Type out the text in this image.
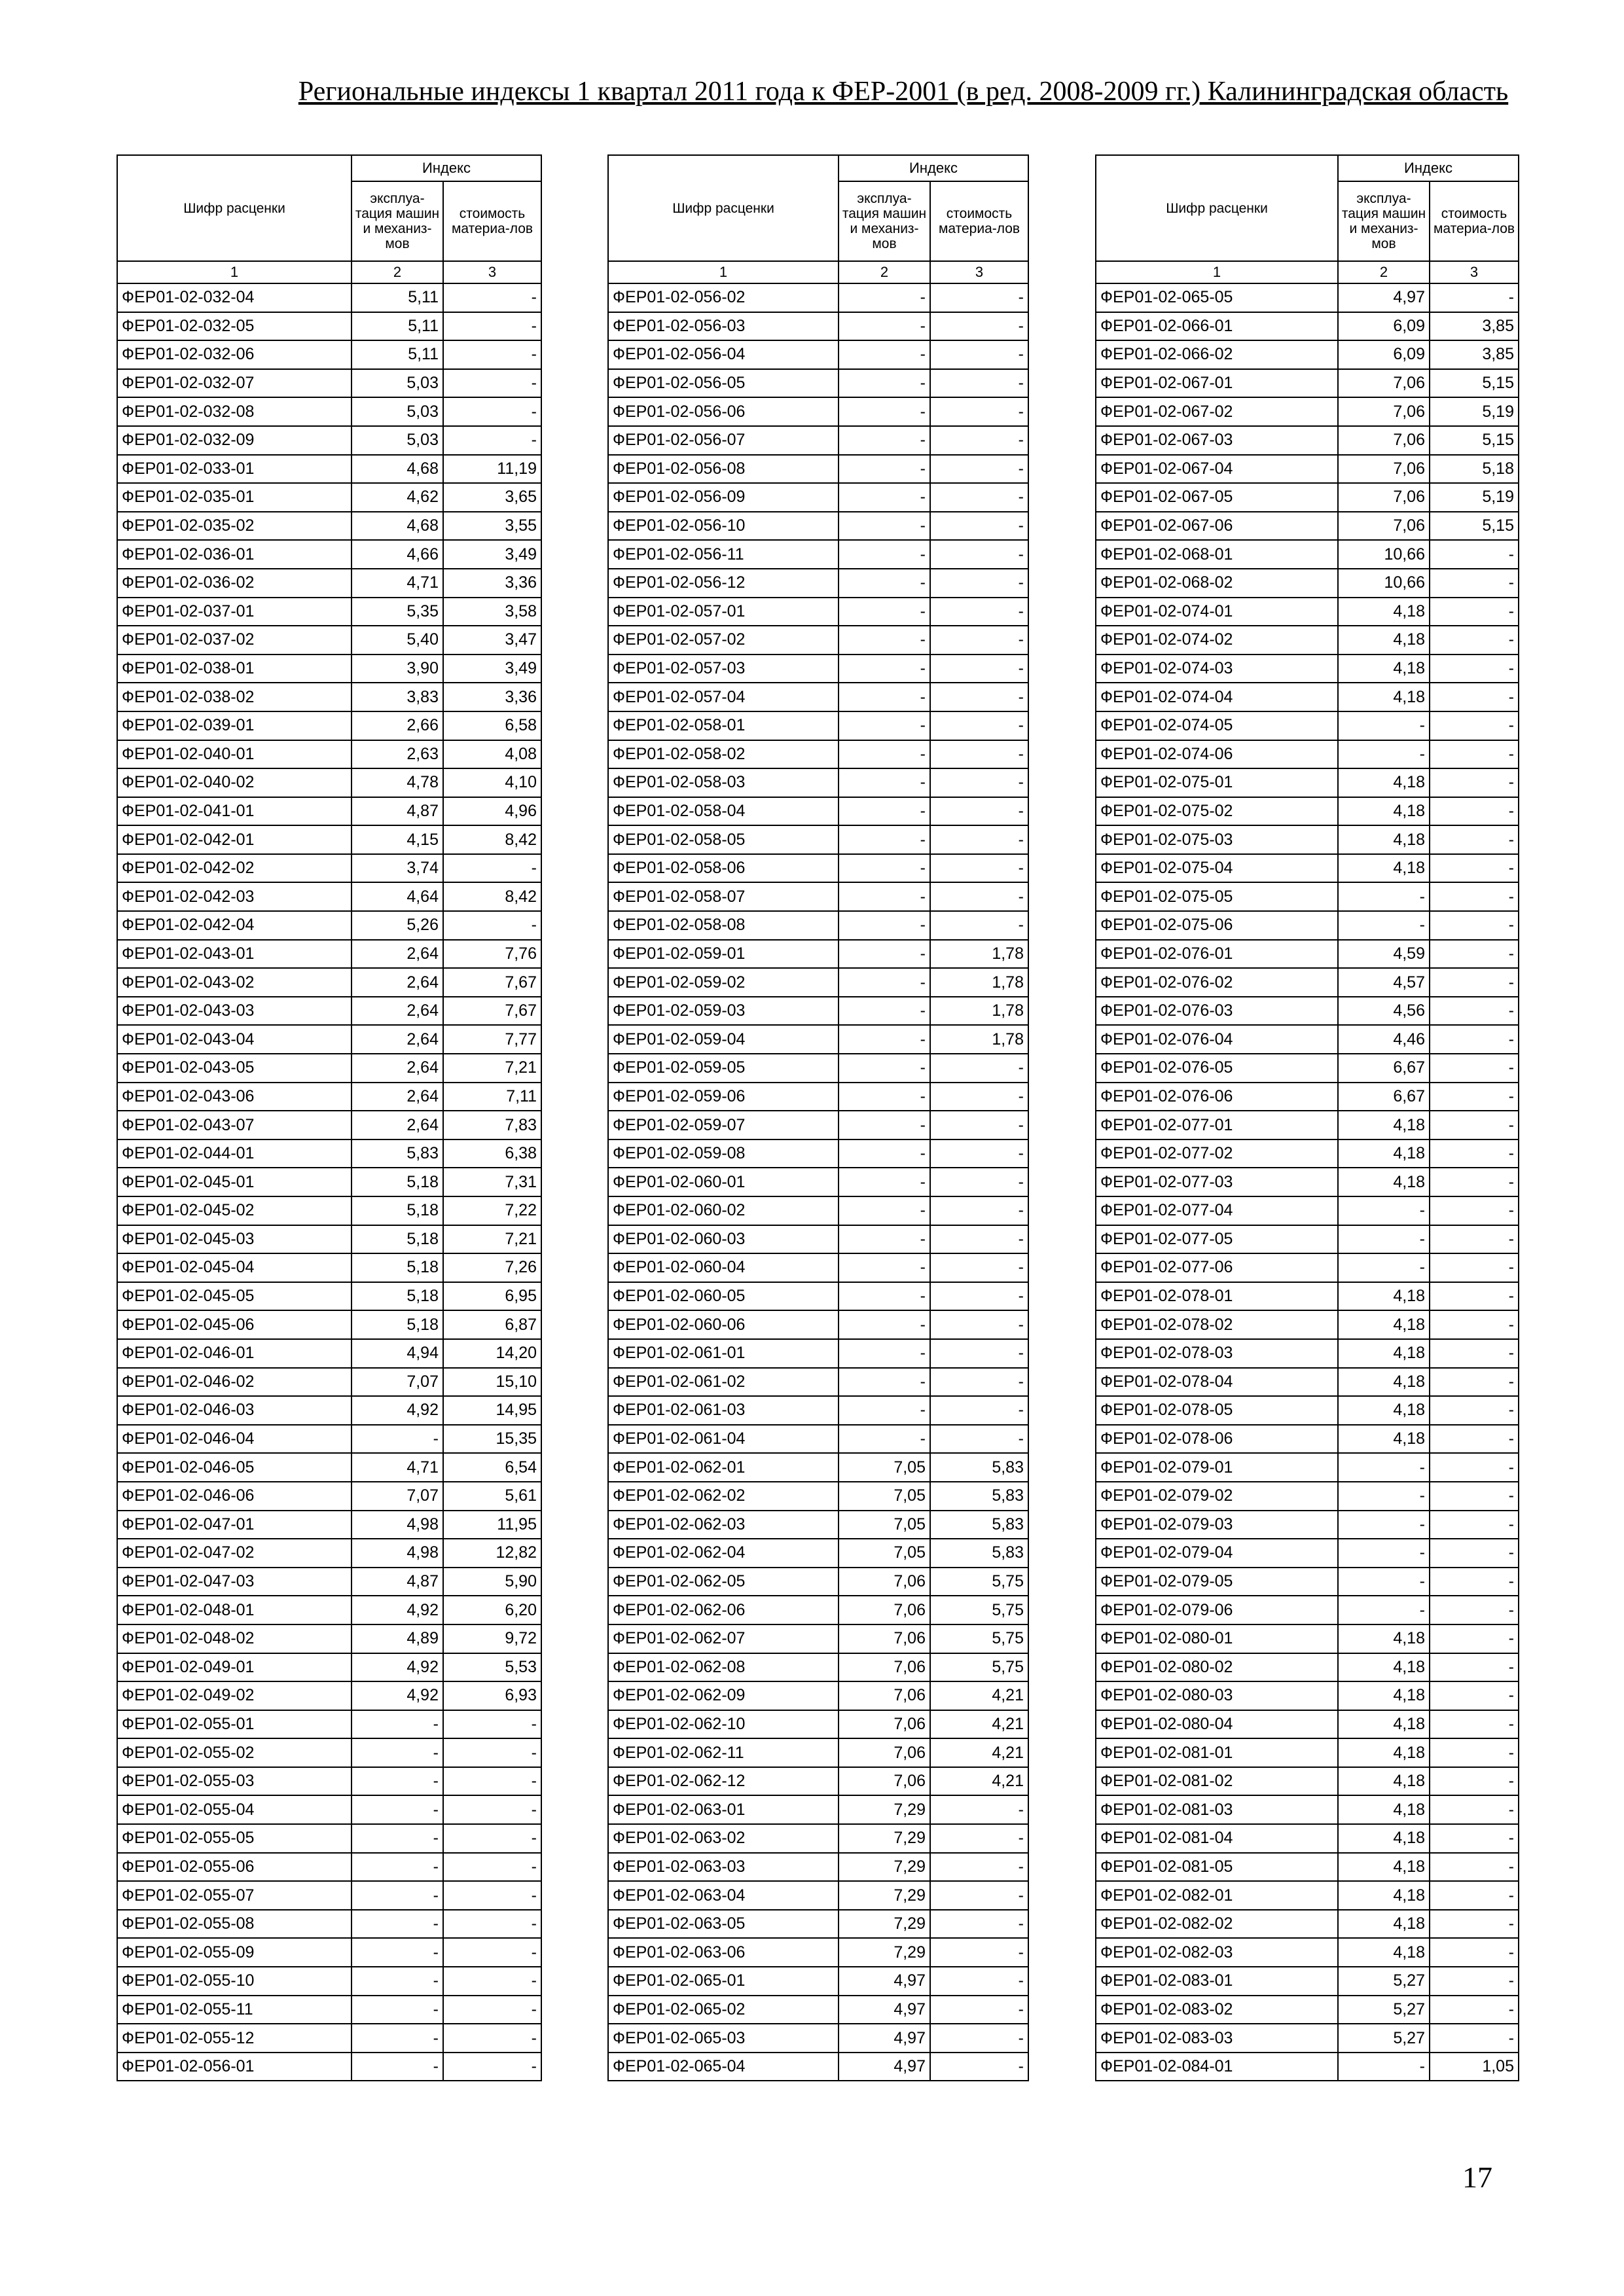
Региональные индексы 1 квартал 2011 года к ФЕР-2001 (в ред. 2008-2009 гг.) Калининградская область
Шифр расценки	Индекс	
	эксплуа-тация машин и механиз-мов	стоимость материа-лов
1	2	3
ФЕР01-02-032-04	5,11	-
ФЕР01-02-032-05	5,11	-
ФЕР01-02-032-06	5,11	-
ФЕР01-02-032-07	5,03	-
ФЕР01-02-032-08	5,03	-
ФЕР01-02-032-09	5,03	-
ФЕР01-02-033-01	4,68	11,19
ФЕР01-02-035-01	4,62	3,65
ФЕР01-02-035-02	4,68	3,55
ФЕР01-02-036-01	4,66	3,49
ФЕР01-02-036-02	4,71	3,36
ФЕР01-02-037-01	5,35	3,58
ФЕР01-02-037-02	5,40	3,47
ФЕР01-02-038-01	3,90	3,49
ФЕР01-02-038-02	3,83	3,36
ФЕР01-02-039-01	2,66	6,58
ФЕР01-02-040-01	2,63	4,08
ФЕР01-02-040-02	4,78	4,10
ФЕР01-02-041-01	4,87	4,96
ФЕР01-02-042-01	4,15	8,42
ФЕР01-02-042-02	3,74	-
ФЕР01-02-042-03	4,64	8,42
ФЕР01-02-042-04	5,26	-
ФЕР01-02-043-01	2,64	7,76
ФЕР01-02-043-02	2,64	7,67
ФЕР01-02-043-03	2,64	7,67
ФЕР01-02-043-04	2,64	7,77
ФЕР01-02-043-05	2,64	7,21
ФЕР01-02-043-06	2,64	7,11
ФЕР01-02-043-07	2,64	7,83
ФЕР01-02-044-01	5,83	6,38
ФЕР01-02-045-01	5,18	7,31
ФЕР01-02-045-02	5,18	7,22
ФЕР01-02-045-03	5,18	7,21
ФЕР01-02-045-04	5,18	7,26
ФЕР01-02-045-05	5,18	6,95
ФЕР01-02-045-06	5,18	6,87
ФЕР01-02-046-01	4,94	14,20
ФЕР01-02-046-02	7,07	15,10
ФЕР01-02-046-03	4,92	14,95
ФЕР01-02-046-04	-	15,35
ФЕР01-02-046-05	4,71	6,54
ФЕР01-02-046-06	7,07	5,61
ФЕР01-02-047-01	4,98	11,95
ФЕР01-02-047-02	4,98	12,82
ФЕР01-02-047-03	4,87	5,90
ФЕР01-02-048-01	4,92	6,20
ФЕР01-02-048-02	4,89	9,72
ФЕР01-02-049-01	4,92	5,53
ФЕР01-02-049-02	4,92	6,93
ФЕР01-02-055-01	-	-
ФЕР01-02-055-02	-	-
ФЕР01-02-055-03	-	-
ФЕР01-02-055-04	-	-
ФЕР01-02-055-05	-	-
ФЕР01-02-055-06	-	-
ФЕР01-02-055-07	-	-
ФЕР01-02-055-08	-	-
ФЕР01-02-055-09	-	-
ФЕР01-02-055-10	-	-
ФЕР01-02-055-11	-	-
ФЕР01-02-055-12	-	-
ФЕР01-02-056-01	-	-
Шифр расценки	Индекс	
	эксплуа-тация машин и механиз-мов	стоимость материа-лов
1	2	3
ФЕР01-02-056-02	-	-
ФЕР01-02-056-03	-	-
ФЕР01-02-056-04	-	-
ФЕР01-02-056-05	-	-
ФЕР01-02-056-06	-	-
ФЕР01-02-056-07	-	-
ФЕР01-02-056-08	-	-
ФЕР01-02-056-09	-	-
ФЕР01-02-056-10	-	-
ФЕР01-02-056-11	-	-
ФЕР01-02-056-12	-	-
ФЕР01-02-057-01	-	-
ФЕР01-02-057-02	-	-
ФЕР01-02-057-03	-	-
ФЕР01-02-057-04	-	-
ФЕР01-02-058-01	-	-
ФЕР01-02-058-02	-	-
ФЕР01-02-058-03	-	-
ФЕР01-02-058-04	-	-
ФЕР01-02-058-05	-	-
ФЕР01-02-058-06	-	-
ФЕР01-02-058-07	-	-
ФЕР01-02-058-08	-	-
ФЕР01-02-059-01	-	1,78
ФЕР01-02-059-02	-	1,78
ФЕР01-02-059-03	-	1,78
ФЕР01-02-059-04	-	1,78
ФЕР01-02-059-05	-	-
ФЕР01-02-059-06	-	-
ФЕР01-02-059-07	-	-
ФЕР01-02-059-08	-	-
ФЕР01-02-060-01	-	-
ФЕР01-02-060-02	-	-
ФЕР01-02-060-03	-	-
ФЕР01-02-060-04	-	-
ФЕР01-02-060-05	-	-
ФЕР01-02-060-06	-	-
ФЕР01-02-061-01	-	-
ФЕР01-02-061-02	-	-
ФЕР01-02-061-03	-	-
ФЕР01-02-061-04	-	-
ФЕР01-02-062-01	7,05	5,83
ФЕР01-02-062-02	7,05	5,83
ФЕР01-02-062-03	7,05	5,83
ФЕР01-02-062-04	7,05	5,83
ФЕР01-02-062-05	7,06	5,75
ФЕР01-02-062-06	7,06	5,75
ФЕР01-02-062-07	7,06	5,75
ФЕР01-02-062-08	7,06	5,75
ФЕР01-02-062-09	7,06	4,21
ФЕР01-02-062-10	7,06	4,21
ФЕР01-02-062-11	7,06	4,21
ФЕР01-02-062-12	7,06	4,21
ФЕР01-02-063-01	7,29	-
ФЕР01-02-063-02	7,29	-
ФЕР01-02-063-03	7,29	-
ФЕР01-02-063-04	7,29	-
ФЕР01-02-063-05	7,29	-
ФЕР01-02-063-06	7,29	-
ФЕР01-02-065-01	4,97	-
ФЕР01-02-065-02	4,97	-
ФЕР01-02-065-03	4,97	-
ФЕР01-02-065-04	4,97	-
Шифр расценки	Индекс	
	эксплуа-тация машин и механиз-мов	стоимость материа-лов
1	2	3
ФЕР01-02-065-05	4,97	-
ФЕР01-02-066-01	6,09	3,85
ФЕР01-02-066-02	6,09	3,85
ФЕР01-02-067-01	7,06	5,15
ФЕР01-02-067-02	7,06	5,19
ФЕР01-02-067-03	7,06	5,15
ФЕР01-02-067-04	7,06	5,18
ФЕР01-02-067-05	7,06	5,19
ФЕР01-02-067-06	7,06	5,15
ФЕР01-02-068-01	10,66	-
ФЕР01-02-068-02	10,66	-
ФЕР01-02-074-01	4,18	-
ФЕР01-02-074-02	4,18	-
ФЕР01-02-074-03	4,18	-
ФЕР01-02-074-04	4,18	-
ФЕР01-02-074-05	-	-
ФЕР01-02-074-06	-	-
ФЕР01-02-075-01	4,18	-
ФЕР01-02-075-02	4,18	-
ФЕР01-02-075-03	4,18	-
ФЕР01-02-075-04	4,18	-
ФЕР01-02-075-05	-	-
ФЕР01-02-075-06	-	-
ФЕР01-02-076-01	4,59	-
ФЕР01-02-076-02	4,57	-
ФЕР01-02-076-03	4,56	-
ФЕР01-02-076-04	4,46	-
ФЕР01-02-076-05	6,67	-
ФЕР01-02-076-06	6,67	-
ФЕР01-02-077-01	4,18	-
ФЕР01-02-077-02	4,18	-
ФЕР01-02-077-03	4,18	-
ФЕР01-02-077-04	-	-
ФЕР01-02-077-05	-	-
ФЕР01-02-077-06	-	-
ФЕР01-02-078-01	4,18	-
ФЕР01-02-078-02	4,18	-
ФЕР01-02-078-03	4,18	-
ФЕР01-02-078-04	4,18	-
ФЕР01-02-078-05	4,18	-
ФЕР01-02-078-06	4,18	-
ФЕР01-02-079-01	-	-
ФЕР01-02-079-02	-	-
ФЕР01-02-079-03	-	-
ФЕР01-02-079-04	-	-
ФЕР01-02-079-05	-	-
ФЕР01-02-079-06	-	-
ФЕР01-02-080-01	4,18	-
ФЕР01-02-080-02	4,18	-
ФЕР01-02-080-03	4,18	-
ФЕР01-02-080-04	4,18	-
ФЕР01-02-081-01	4,18	-
ФЕР01-02-081-02	4,18	-
ФЕР01-02-081-03	4,18	-
ФЕР01-02-081-04	4,18	-
ФЕР01-02-081-05	4,18	-
ФЕР01-02-082-01	4,18	-
ФЕР01-02-082-02	4,18	-
ФЕР01-02-082-03	4,18	-
ФЕР01-02-083-01	5,27	-
ФЕР01-02-083-02	5,27	-
ФЕР01-02-083-03	5,27	-
ФЕР01-02-084-01	-	1,05
17
